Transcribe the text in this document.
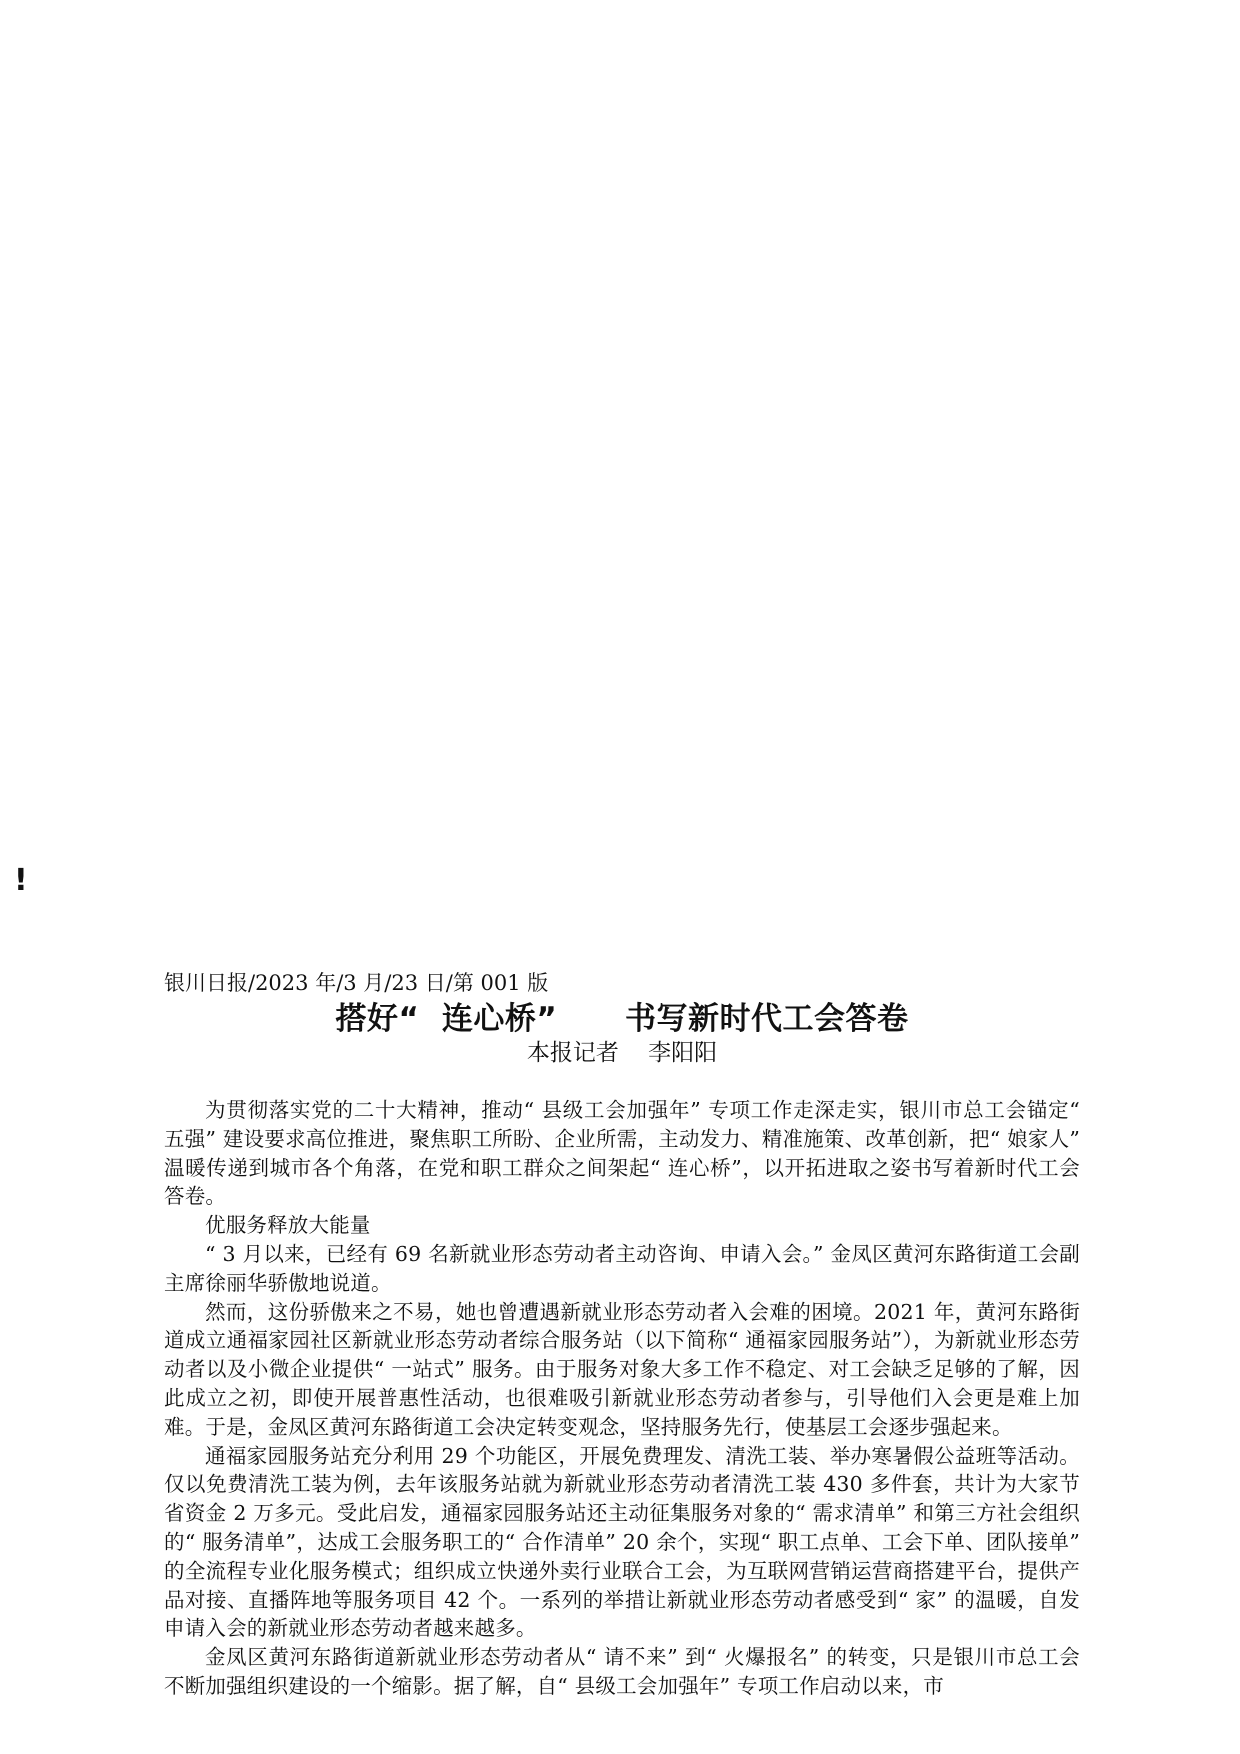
!

银川日报/2023 年/3 月/23 日/第 001 版

搭好“  连心桥”      书写新时代工会答卷
本报记者    李阳阳

为贯彻落实党的二十大精神，推动“ 县级工会加强年” 专项工作走深走实，银川市总工会锚定“ 五强” 建设要求高位推进，聚焦职工所盼、企业所需，主动发力、精准施策、改革创新，把“ 娘家人” 温暖传递到城市各个角落，在党和职工群众之间架起“ 连心桥”，以开拓进取之姿书写着新时代工会答卷。

优服务释放大能量

“ 3 月以来，已经有 69 名新就业形态劳动者主动咨询、申请入会。” 金凤区黄河东路街道工会副主席徐丽华骄傲地说道。

然而，这份骄傲来之不易，她也曾遭遇新就业形态劳动者入会难的困境。2021 年，黄河东路街道成立通福家园社区新就业形态劳动者综合服务站（以下简称“ 通福家园服务站”），为新就业形态劳动者以及小微企业提供“ 一站式” 服务。由于服务对象大多工作不稳定、对工会缺乏足够的了解，因此成立之初，即使开展普惠性活动，也很难吸引新就业形态劳动者参与，引导他们入会更是难上加难。于是，金凤区黄河东路街道工会决定转变观念，坚持服务先行，使基层工会逐步强起来。

通福家园服务站充分利用 29 个功能区，开展免费理发、清洗工装、举办寒暑假公益班等活动。仅以免费清洗工装为例，去年该服务站就为新就业形态劳动者清洗工装 430 多件套，共计为大家节省资金 2 万多元。受此启发，通福家园服务站还主动征集服务对象的“ 需求清单” 和第三方社会组织的“ 服务清单”，达成工会服务职工的“ 合作清单” 20 余个，实现“ 职工点单、工会下单、团队接单” 的全流程专业化服务模式；组织成立快递外卖行业联合工会，为互联网营销运营商搭建平台，提供产品对接、直播阵地等服务项目 42 个。一系列的举措让新就业形态劳动者感受到“ 家” 的温暖，自发申请入会的新就业形态劳动者越来越多。

金凤区黄河东路街道新就业形态劳动者从“ 请不来” 到“ 火爆报名” 的转变，只是银川市总工会不断加强组织建设的一个缩影。据了解，自“ 县级工会加强年” 专项工作启动以来，市
